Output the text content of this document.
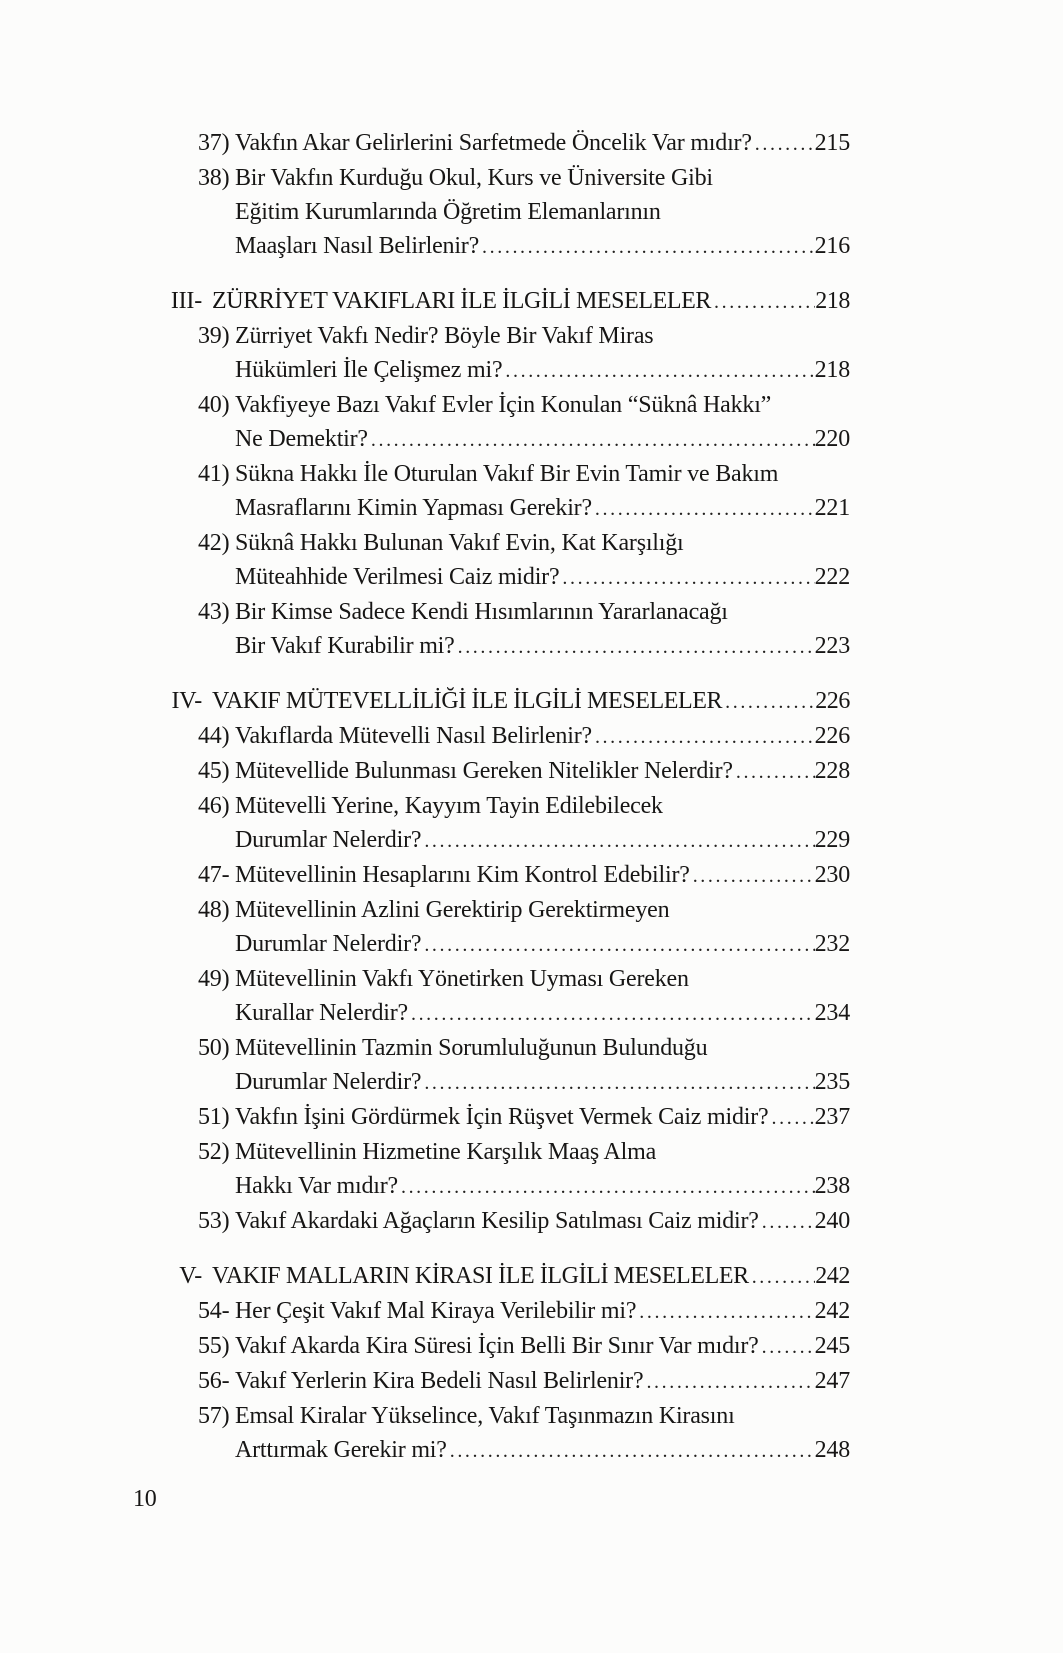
37) Vakfın Akar Gelirlerini Sarfetmede Öncelik Var mıdır? .....	215
38) Bir Vakfın Kurduğu Okul, Kurs ve Üniversite Gibi
Eğitim Kurumlarında Öğretim Elemanlarının
Maaşları Nasıl Belirlenir? .....	216
III- ZÜRRİYET VAKIFLARI İLE İLGİLİ MESELELER .....	218
39) Zürriyet Vakfı Nedir? Böyle Bir Vakıf Miras
Hükümleri İle Çelişmez mi? .....	218
40) Vakfiyeye Bazı Vakıf Evler İçin Konulan “Süknâ Hakkı”
Ne Demektir? .....	220
41) Sükna Hakkı İle Oturulan Vakıf Bir Evin Tamir ve Bakım
Masraflarını Kimin Yapması Gerekir? .....	221
42) Süknâ Hakkı Bulunan Vakıf Evin, Kat Karşılığı
Müteahhide Verilmesi Caiz midir? .....	222
43) Bir Kimse Sadece Kendi Hısımlarının Yararlanacağı
Bir Vakıf Kurabilir mi? .....	223
IV- VAKIF MÜTEVELLİLİĞİ İLE İLGİLİ MESELELER .....	226
44) Vakıflarda Mütevelli Nasıl Belirlenir? .....	226
45) Mütevellide Bulunması Gereken Nitelikler Nelerdir? .....	228
46) Mütevelli Yerine, Kayyım Tayin Edilebilecek
Durumlar Nelerdir? .....	229
47- Mütevellinin Hesaplarını Kim Kontrol Edebilir? .....	230
48) Mütevellinin Azlini Gerektirip Gerektirmeyen
Durumlar Nelerdir? .....	232
49) Mütevellinin Vakfı Yönetirken Uyması Gereken
Kurallar Nelerdir? .....	234
50) Mütevellinin Tazmin Sorumluluğunun Bulunduğu
Durumlar Nelerdir? .....	235
51) Vakfın İşini Gördürmek İçin Rüşvet Vermek Caiz midir? ..... 237
52) Mütevellinin Hizmetine Karşılık Maaş Alma
Hakkı Var mıdır? .....	238
53) Vakıf Akardaki Ağaçların Kesilip Satılması Caiz midir? ..... 240
V- VAKIF MALLARIN KİRASI İLE İLGİLİ MESELELER .....	242
54- Her Çeşit Vakıf Mal Kiraya Verilebilir mi? .....	242
55) Vakıf Akarda Kira Süresi İçin Belli Bir Sınır Var mıdır? ..... 245
56- Vakıf Yerlerin Kira Bedeli Nasıl Belirlenir? .....	247
57) Emsal Kiralar Yükselince, Vakıf Taşınmazın Kirasını
Arttırmak Gerekir mi? .....	248
10
